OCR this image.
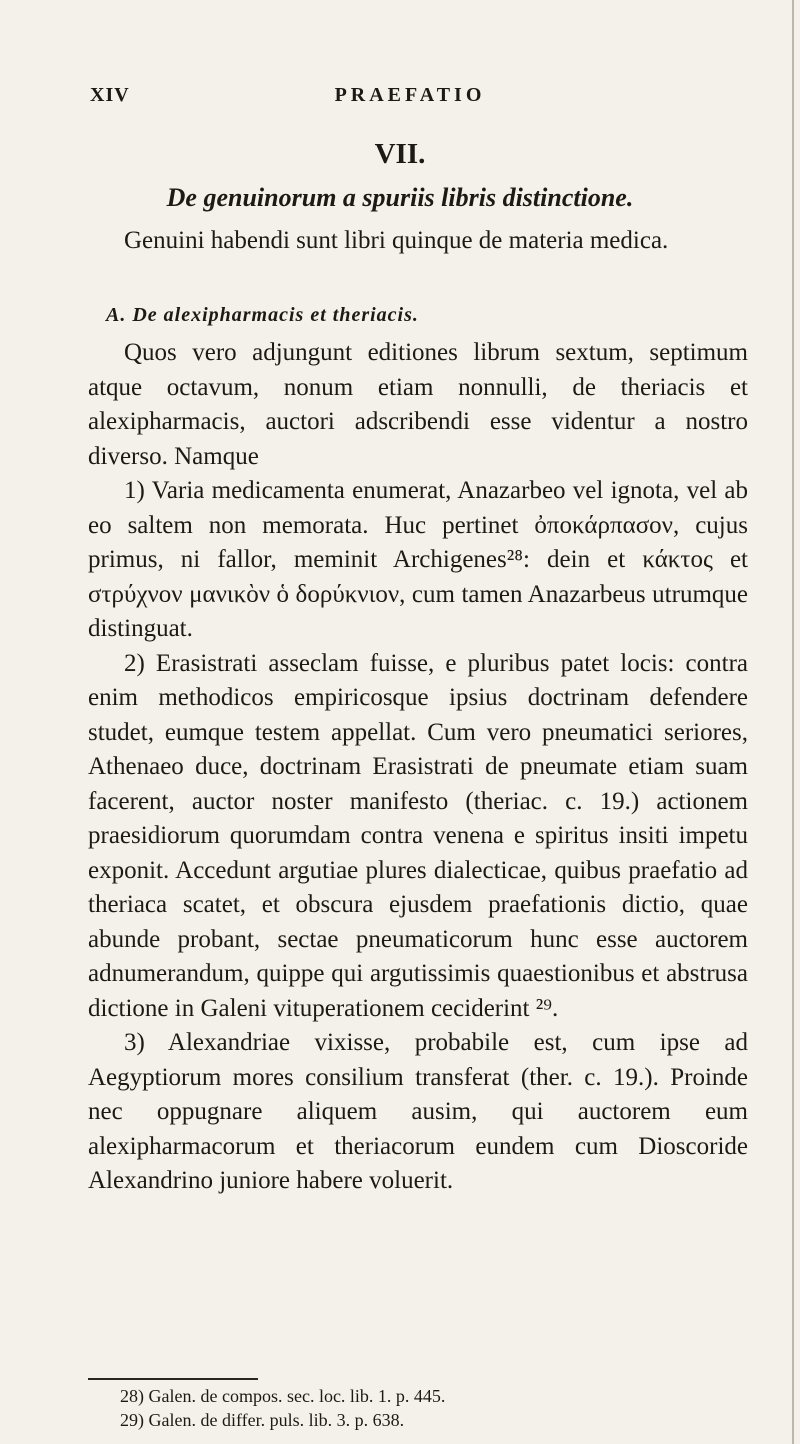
XIV	PRAEFATIO
VII.
De genuinorum a spuriis libris distinctione.
Genuini habendi sunt libri quinque de materia medica.
A. De alexipharmacis et theriacis.

Quos vero adjungunt editiones librum sextum, septimum atque octavum, nonum etiam nonnulli, de theriacis et alexipharmacis, auctori adscribendi esse videntur a nostro diverso. Namque

1) Varia medicamenta enumerat, Anazarbeo vel ignota, vel ab eo saltem non memorata. Huc pertinet ὀποκάρπασον, cujus primus, ni fallor, meminit Archigenes²⁸: dein et κάκτος et στρύχνον μανικὸν ὁ δορύκνιον, cum tamen Anazarbeus utrumque distinguat.

2) Erasistrati asseclam fuisse, e pluribus patet locis: contra enim methodicos empiricosque ipsius doctrinam defendere studet, eumque testem appellat. Cum vero pneumatici seriores, Athenaeo duce, doctrinam Erasistrati de pneumate etiam suam facerent, auctor noster manifesto (theriac. c. 19.) actionem praesidiorum quorumdam contra venena e spiritus insiti impetu exponit. Accedunt argutiae plures dialecticae, quibus praefatio ad theriaca scatet, et obscura ejusdem praefationis dictio, quae abunde probant, sectae pneumaticorum hunc esse auctorem adnumerandum, quippe qui argutissimis quaestionibus et abstrusa dictione in Galeni vituperationem ceciderint ²⁹.

3) Alexandriae vixisse, probabile est, cum ipse ad Aegyptiorum mores consilium transferat (ther. c. 19.). Proinde nec oppugnare aliquem ausim, qui auctorem eum alexipharmacorum et theriacorum eundem cum Dioscoride Alexandrino juniore habere voluerit.

28) Galen. de compos. sec. loc. lib. 1. p. 445.
29) Galen. de differ. puls. lib. 3. p. 638.
